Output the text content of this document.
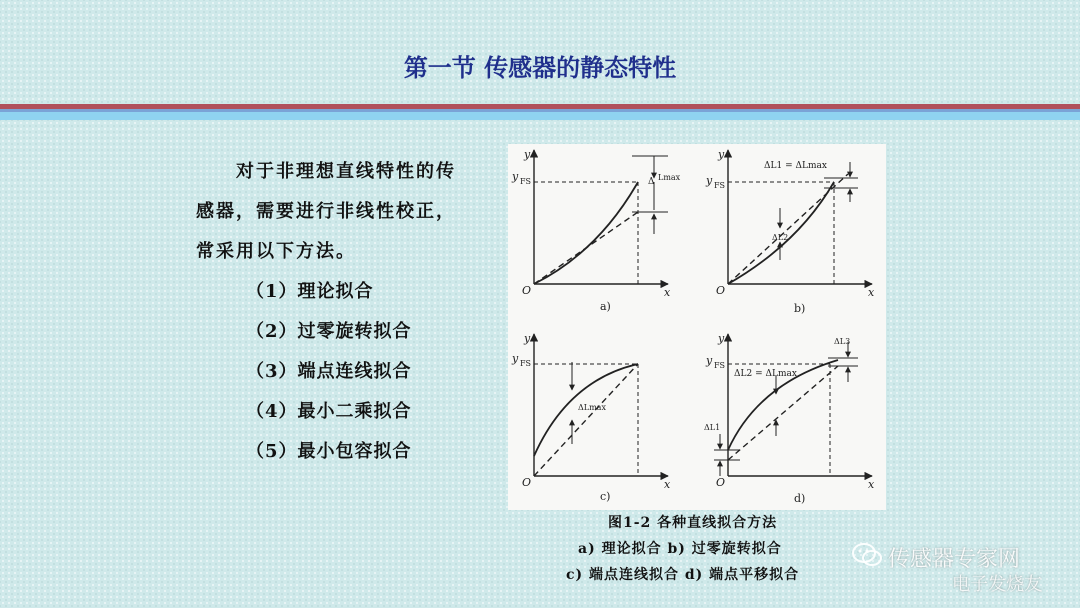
第一节 传感器的静态特性
对于非理想直线特性的传
感器，需要进行非线性校正，
常采用以下方法。
（1）理论拟合
（2）过零旋转拟合
（3）端点连线拟合
（4）最小二乘拟合
（5）最小包容拟合
y
x
O
y FS	Δ Lmax
a)
y
x
O
y FS
ΔL1 = ΔLmax
ΔL2
b)
y
x
O
y FS
ΔLmax
c)
y
x
O
y FS
ΔL2 = ΔLmax
ΔL3
ΔL1
d)
图1-2 各种直线拟合方法
a) 理论拟合 b) 过零旋转拟合
c) 端点连线拟合 d) 端点平移拟合
传感器专家网
电子发烧友
